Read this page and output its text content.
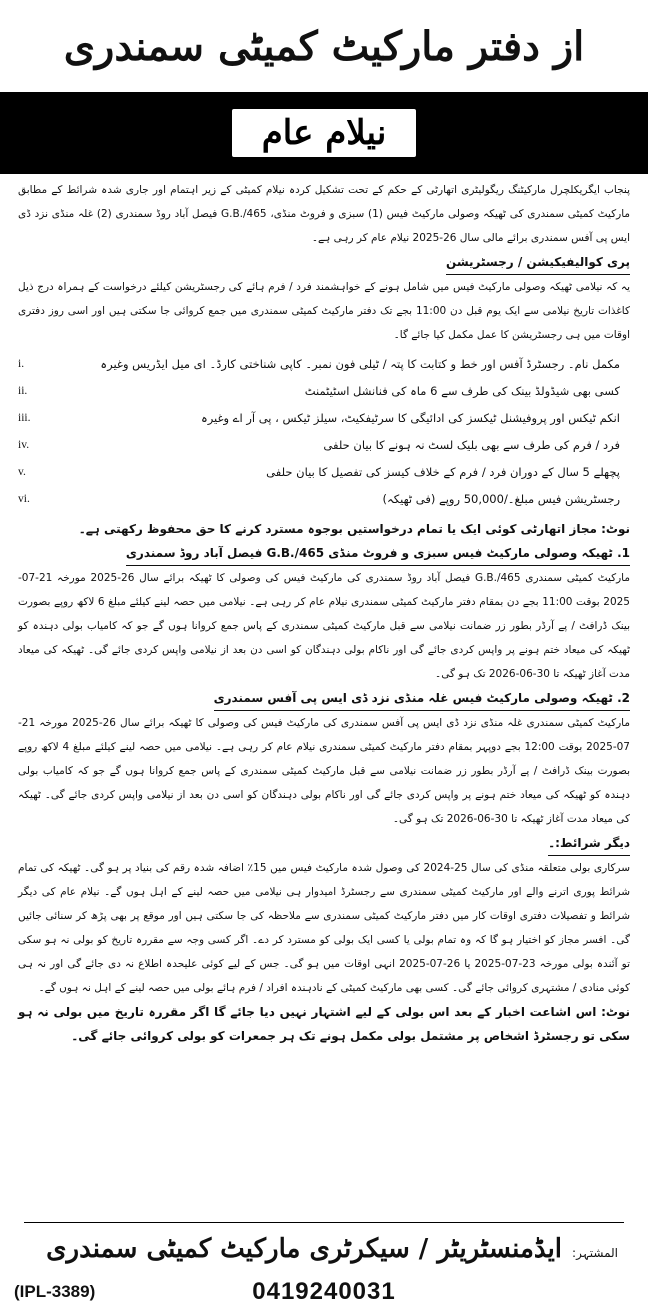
از دفتر مارکیٹ کمیٹی سمندری
نیلام عام

پنجاب ایگریکلچرل مارکیٹنگ ریگولیٹری اتھارٹی کے حکم کے تحت تشکیل کردہ نیلام کمیٹی کے زیر اہتمام اور جاری شدہ شرائط کے مطابق مارکیٹ کمیٹی سمندری کی ٹھیکہ وصولی مارکیٹ فیس (1) سبزی و فروٹ منڈی، G.B./465 فیصل آباد روڈ سمندری (2) غلہ منڈی نزد ڈی ایس پی آفس سمندری برائے مالی سال 26-2025 نیلام عام کر رہی ہے۔

پری کوالیفیکیشن / رجسٹریشن

یہ کہ نیلامی ٹھیکہ وصولی مارکیٹ فیس میں شامل ہونے کے خواہشمند فرد / فرم ہائے کی رجسٹریشن کیلئے درخواست کے ہمراہ درج ذیل کاغذات تاریخ نیلامی سے ایک یوم قبل دن 11:00 بجے تک دفتر مارکیٹ کمیٹی سمندری میں جمع کروائی جا سکتی ہیں اور اسی روز دفتری اوقات میں ہی رجسٹریشن کا عمل مکمل کیا جائے گا۔

مکمل نام۔ رجسٹرڈ آفس اور خط و کتابت کا پتہ / ٹیلی فون نمبر۔ کاپی شناختی کارڈ۔ ای میل ایڈریس وغیرہ
i.
کسی بھی شیڈولڈ بینک کی طرف سے 6 ماہ کی فنانشل اسٹیٹمنٹ
ii.
انکم ٹیکس اور پروفیشنل ٹیکسز کی ادائیگی کا سرٹیفکیٹ، سیلز ٹیکس ، پی آر اے وغیرہ
iii.
فرد / فرم کی طرف سے بھی بلیک لسٹ نہ ہونے کا بیان حلفی
iv.
پچھلے 5 سال کے دوران فرد / فرم کے خلاف کیسز کی تفصیل کا بیان حلفی
v.
رجسٹریشن فیس مبلغ۔/50,000 روپے (فی ٹھیکہ)
vi.

نوٹ: مجاز اتھارٹی کوئی ایک یا تمام درخواستیں بوجوہ مسترد کرنے کا حق محفوظ رکھتی ہے۔

1. ٹھیکہ وصولی مارکیٹ فیس سبزی و فروٹ منڈی G.B./465 فیصل آباد روڈ سمندری

مارکیٹ کمیٹی سمندری G.B./465 فیصل آباد روڈ سمندری کی مارکیٹ فیس کی وصولی کا ٹھیکہ برائے سال 26-2025 مورخہ 21-07-2025 بوقت 11:00 بجے دن بمقام دفتر مارکیٹ کمیٹی سمندری نیلام عام کر رہی ہے۔ نیلامی میں حصہ لینے کیلئے مبلغ 6 لاکھ روپے بصورت بینک ڈرافٹ / پے آرڈر بطور زر ضمانت نیلامی سے قبل مارکیٹ کمیٹی سمندری کے پاس جمع کروانا ہوں گے جو کہ کامیاب بولی دہندہ کو ٹھیکہ کی میعاد ختم ہونے پر واپس کردی جائے گی اور ناکام بولی دہندگان کو اسی دن بعد از نیلامی واپس کردی جائے گی۔ ٹھیکہ کی میعاد مدت آغاز ٹھیکہ تا 30-06-2026 تک ہو گی۔

2. ٹھیکہ وصولی مارکیٹ فیس غلہ منڈی نزد ڈی ایس پی آفس سمندری

مارکیٹ کمیٹی سمندری غلہ منڈی نزد ڈی ایس پی آفس سمندری کی مارکیٹ فیس کی وصولی کا ٹھیکہ برائے سال 26-2025 مورخہ 21-07-2025 بوقت 12:00 بجے دوپہر بمقام دفتر مارکیٹ کمیٹی سمندری نیلام عام کر رہی ہے۔ نیلامی میں حصہ لینے کیلئے مبلغ 4 لاکھ روپے بصورت بینک ڈرافٹ / پے آرڈر بطور زر ضمانت نیلامی سے قبل مارکیٹ کمیٹی سمندری کے پاس جمع کروانا ہوں گے جو کہ کامیاب بولی دہندہ کو ٹھیکہ کی میعاد ختم ہونے پر واپس کردی جائے گی اور ناکام بولی دہندگان کو اسی دن بعد از نیلامی واپس کردی جائے گی۔ ٹھیکہ کی میعاد مدت آغاز ٹھیکہ تا 30-06-2026 تک ہو گی۔

دیگر شرائط:۔

سرکاری بولی متعلقہ منڈی کی سال 25-2024 کی وصول شدہ مارکیٹ فیس میں 15٪ اضافہ شدہ رقم کی بنیاد پر ہو گی۔ ٹھیکہ کی تمام شرائط پوری اترنے والے اور مارکیٹ کمیٹی سمندری سے رجسٹرڈ امیدوار ہی نیلامی میں حصہ لینے کے اہل ہوں گے۔ نیلام عام کی دیگر شرائط و تفصیلات دفتری اوقات کار میں دفتر مارکیٹ کمیٹی سمندری سے ملاحظہ کی جا سکتی ہیں اور موقع پر بھی پڑھ کر سنائی جائیں گی۔ افسر مجاز کو اختیار ہو گا کہ وہ تمام بولی یا کسی ایک بولی کو مسترد کر دے۔ اگر کسی وجہ سے مقررہ تاریخ کو بولی نہ ہو سکی تو آئندہ بولی مورخہ 23-07-2025 یا 26-07-2025 انہی اوقات میں ہو گی۔ جس کے لیے کوئی علیحدہ اطلاع نہ دی جائے گی اور نہ ہی کوئی منادی / مشتہری کروائی جائے گی۔ کسی بھی مارکیٹ کمیٹی کے نادہندہ افراد / فرم ہائے بولی میں حصہ لینے کے اہل نہ ہوں گے۔

نوٹ: اس اشاعت اخبار کے بعد اس بولی کے لیے اشتہار نہیں دیا جائے گا اگر مقررہ تاریخ میں بولی نہ ہو سکی تو رجسٹرڈ اشخاص پر مشتمل بولی مکمل ہونے تک ہر جمعرات کو بولی کروائی جائے گی۔

المشتہر:
ایڈمنسٹریٹر / سیکرٹری مارکیٹ کمیٹی سمندری
(IPL-3389)	0419240031
